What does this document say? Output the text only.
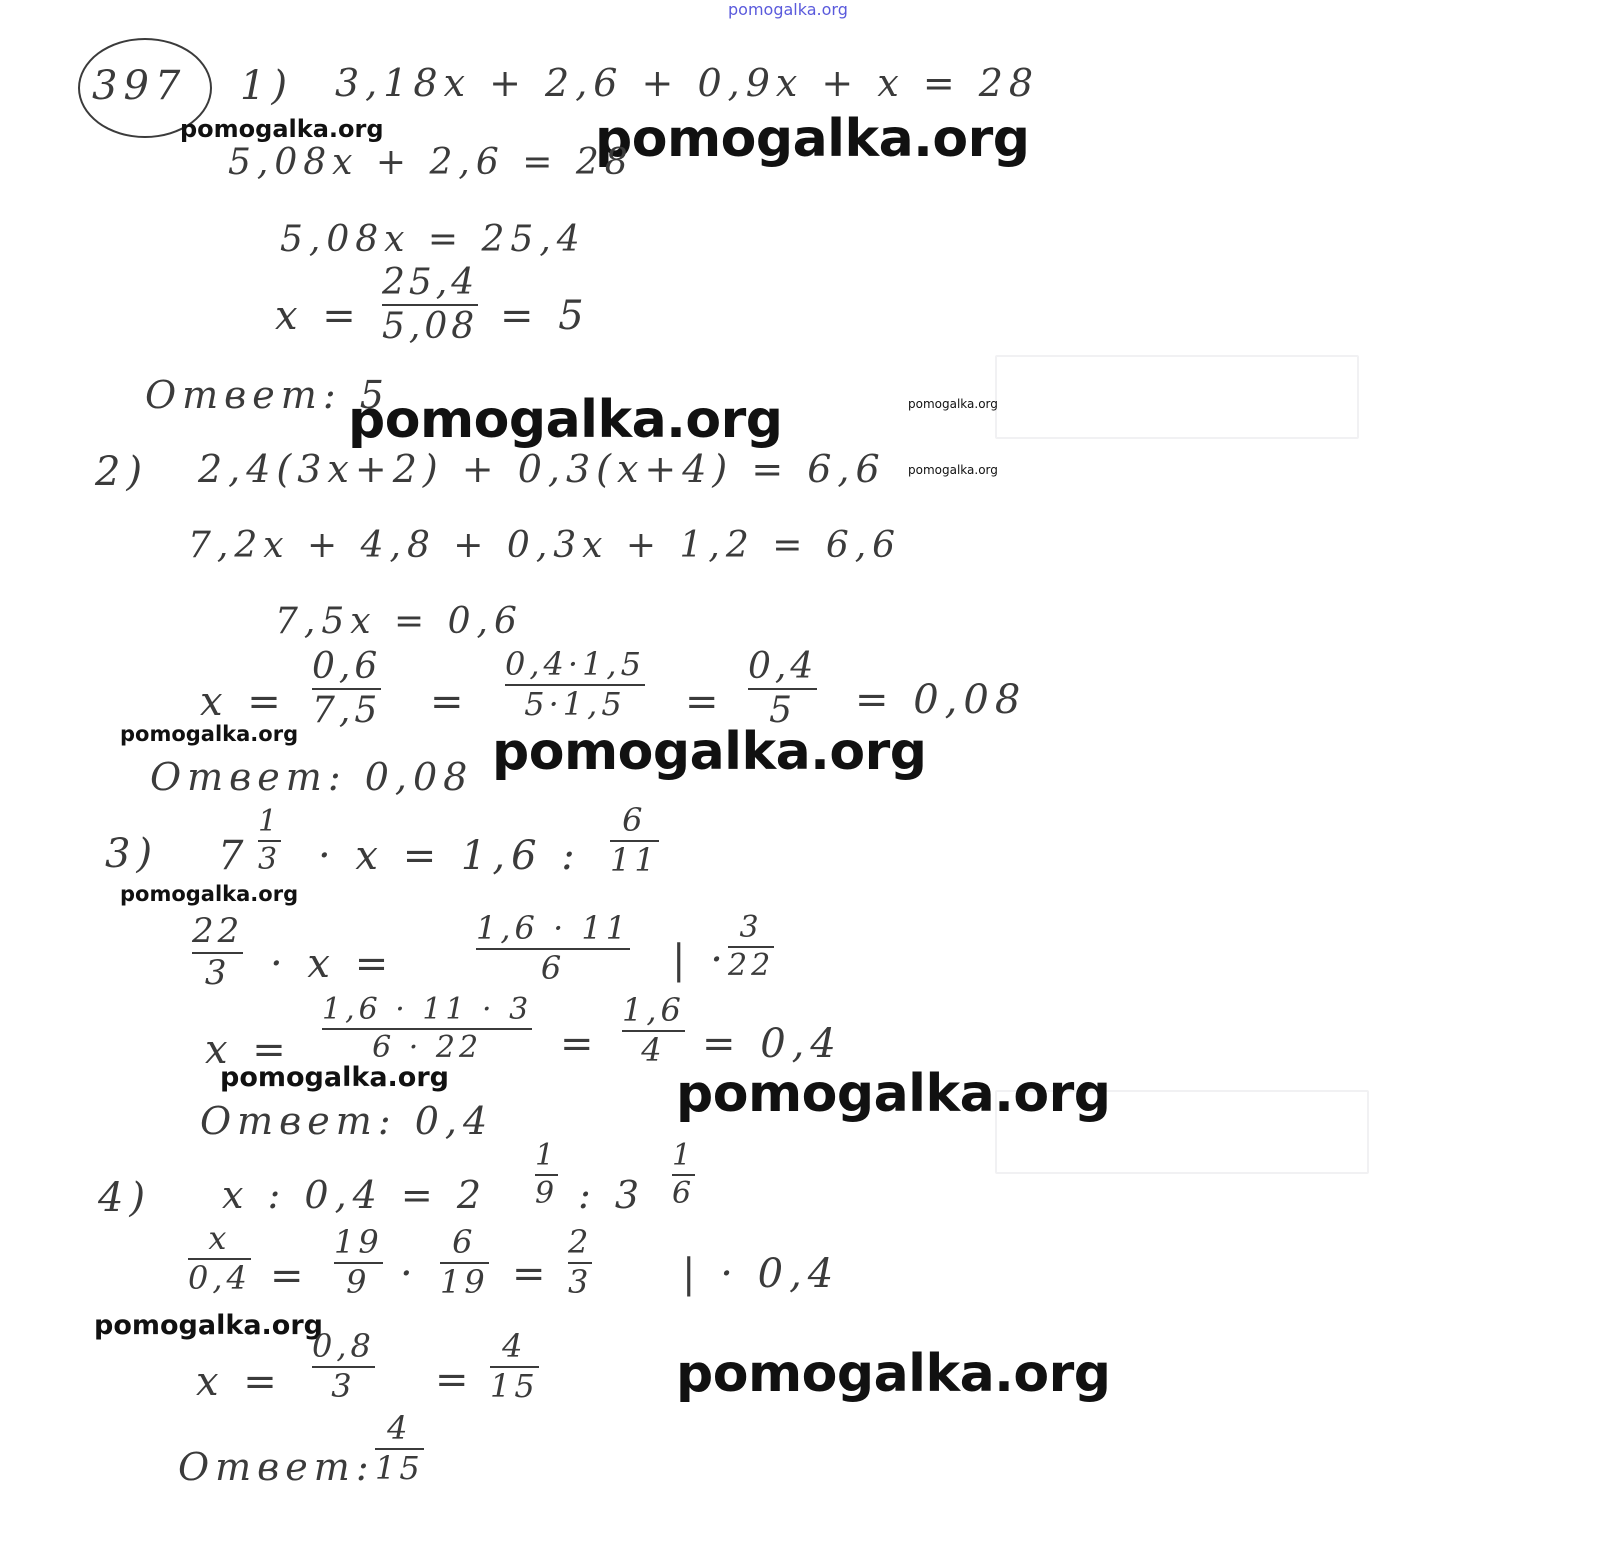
pomogalka.org
397 1) 3,18x + 2,6 + 0,9x + x = 28
pomogalka.org	pomogalka.org
5,08x + 2,6 = 28
5,08x = 25,4
x =
25,4
5,08 = 5
Ответ: 5
pomogalka.org	pomogalka.org
2) 2,4(3x+2) + 0,3(x+4) = 6,6 pomogalka.org
7,2x + 4,8 + 0,3x + 1,2 = 6,6
7,5x = 0,6
x =
0,6
7,5 =
0,4·1,5
5·1,5 =
0,4
5 = 0,08
pomogalka.org
Ответ: 0,08 pomogalka.org
3) 7
1
3 · x = 1,6 :
6
11
pomogalka.org
22
3 · x =
1,6 · 11
6	| ·
3
22
x =
1,6 · 11 · 3
6 · 22 =
1,6
4 = 0,4
pomogalka.org	pomogalka.org
Ответ: 0,4
4) x : 0,4 = 2
1
9 : 3
1
6
x
0,4 =
19
9 ·
6
19 =
2
3 | · 0,4
pomogalka.org
x =
0,8
3 =
4
15	pomogalka.org
Ответ:
4
15
